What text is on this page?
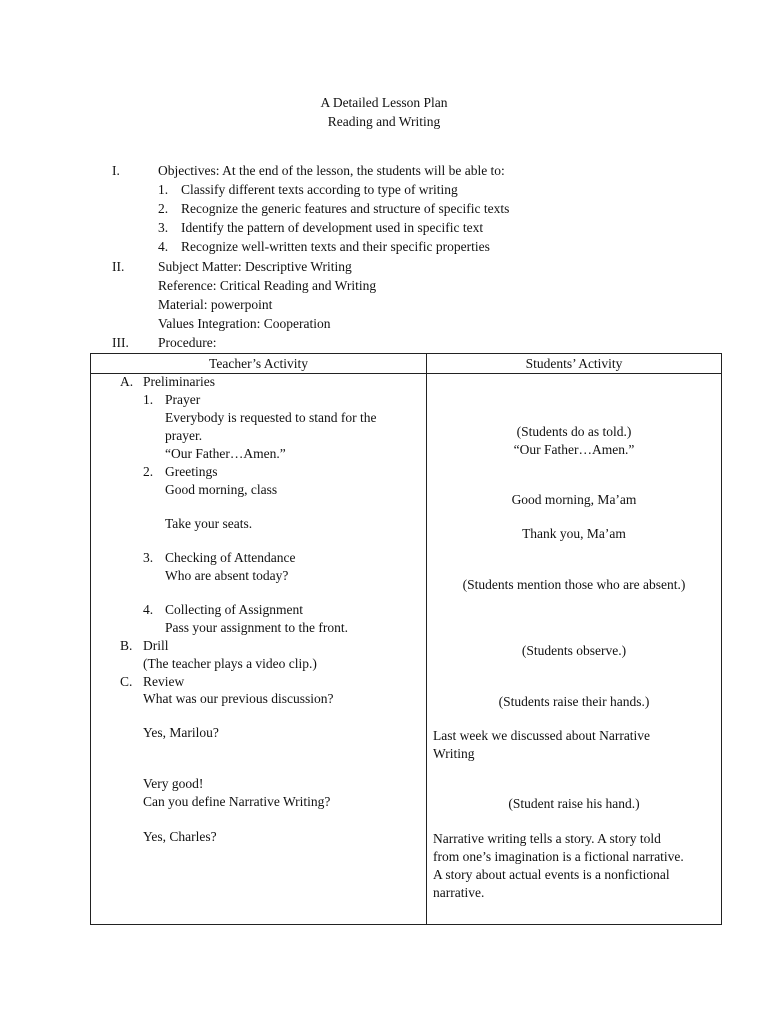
A Detailed Lesson Plan
Reading and Writing
I.	Objectives: At the end of the lesson, the students will be able to:
1. Classify different texts according to type of writing
2. Recognize the generic features and structure of specific texts
3. Identify the pattern of development used in specific text
4. Recognize well-written texts and their specific properties
II. Subject Matter: Descriptive Writing
Reference: Critical Reading and Writing
Material: powerpoint
Values Integration: Cooperation
III. Procedure:
Teacher’s Activity	Students’ Activity
A. Preliminaries
1. Prayer
Everybody is requested to stand for the
prayer.
“Our Father…Amen.”
2. Greetings
Good morning, class
Take your seats.
3. Checking of Attendance
Who are absent today?
4. Collecting of Assignment
Pass your assignment to the front.
B. Drill
(The teacher plays a video clip.)
C. Review
What was our previous discussion?
Yes, Marilou?
Very good!
Can you define Narrative Writing?
Yes, Charles?
(Students do as told.)
“Our Father…Amen.”
Good morning, Ma’am
Thank you, Ma’am
(Students mention those who are absent.)
(Students observe.)
(Students raise their hands.)
Last week we discussed about Narrative
Writing
(Student raise his hand.)
Narrative writing tells a story. A story told
from one’s imagination is a fictional narrative.
A story about actual events is a nonfictional
narrative.
